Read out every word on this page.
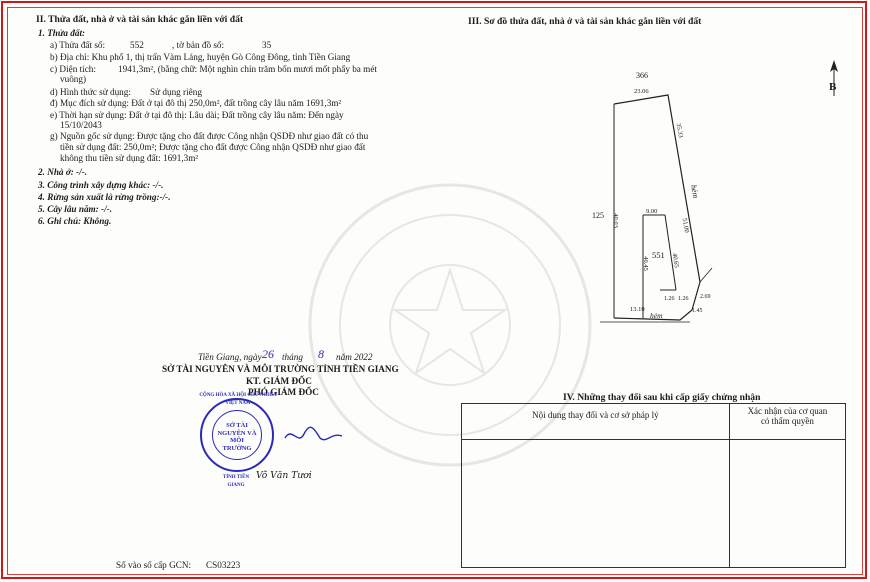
II. Thửa đất, nhà ở và tài sản khác gắn liền với đất
1. Thửa đất:
a) Thửa đất số:	552	, tờ bản đồ số:	35
b) Địa chỉ: Khu phố 1, thị trấn Vàm Láng, huyện Gò Công Đông, tỉnh Tiền Giang
c) Diện tích: 1941,3m², (bằng chữ: Một nghìn chín trăm bốn mươi mốt phẩy ba mét
vuông)
d) Hình thức sử dụng: Sử dụng riêng
đ) Mục đích sử dụng: Đất ở tại đô thị 250,0m², đất trồng cây lâu năm 1691,3m²
e) Thời hạn sử dụng: Đất ở tại đô thị: Lâu dài; Đất trồng cây lâu năm: Đến ngày
15/10/2043
g) Nguồn gốc sử dụng: Được tặng cho đất được Công nhận QSDĐ như giao đất có thu
tiền sử dụng đất: 250,0m²; Được tặng cho đất được Công nhận QSDĐ như giao đất
không thu tiền sử dụng đất: 1691,3m²
2. Nhà ở: -/-.
3. Công trình xây dựng khác: -/-.
4. Rừng sản xuất là rừng trồng:-/-.
5. Cây lâu năm: -/-.
6. Ghi chú: Không.
III. Sơ đồ thửa đất, nhà ở và tài sản khác gắn liền với đất
B
366
125
551
hẻm
hẻm
23.06
35.33
51.00
40.03
9.00
40.45	40.65
13.10
1.26 1.26 2.69
1.45
Tiền Giang, ngày 26 tháng 8 năm 2022
SỞ TÀI NGUYÊN VÀ MÔI TRƯỜNG TỈNH TIỀN GIANG
KT. GIÁM ĐỐC
PHÓ GIÁM ĐỐC
SỞ TÀI NGUYÊN VÀ MÔI TRƯỜNG
CỘNG HÒA XÃ HỘI CHỦ NGHĨA VIỆT NAM
TỈNH TIỀN GIANG
Võ Văn Tươi
IV. Những thay đổi sau khi cấp giấy chứng nhận
Nội dung thay đổi và cơ sở pháp lý	Xác nhận của cơ quan
có thẩm quyền

Số vào sổ cấp GCN: CS03223
